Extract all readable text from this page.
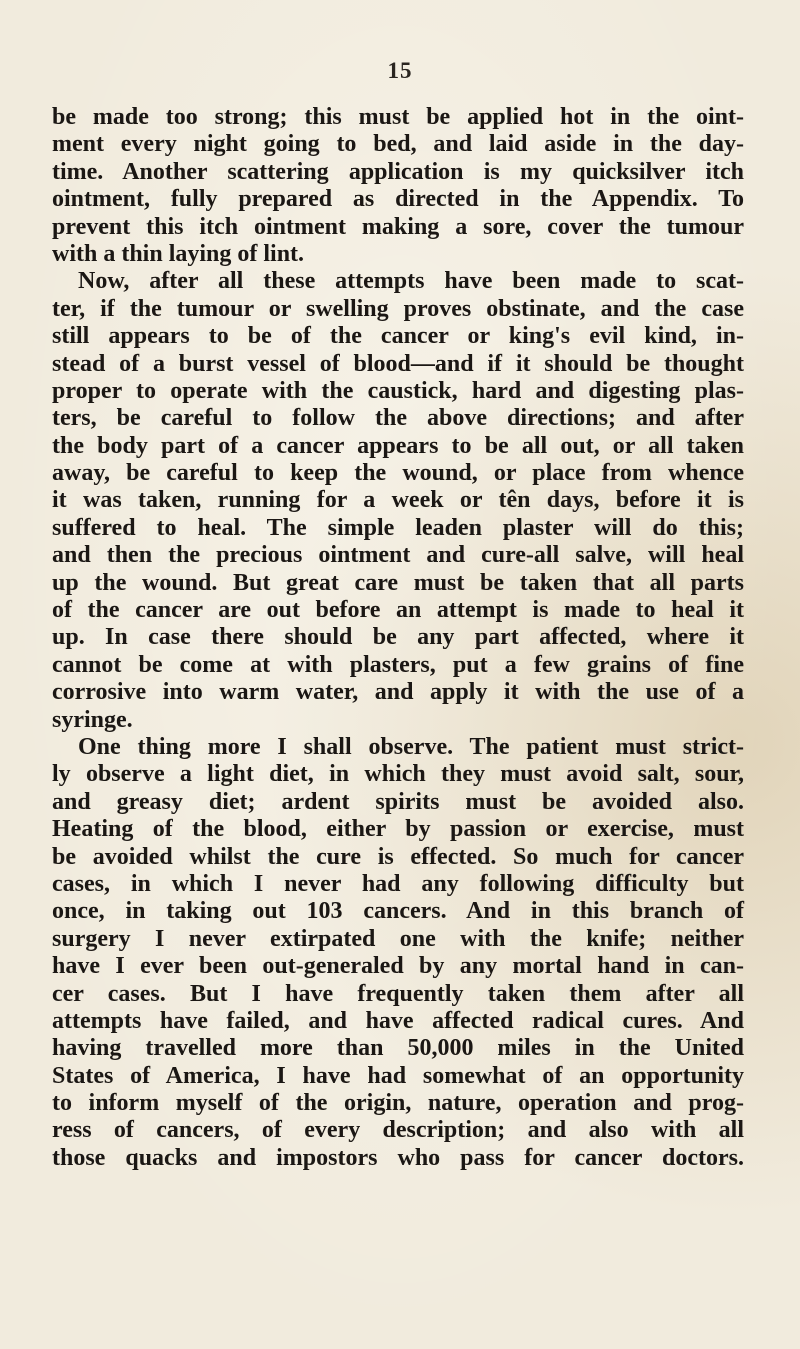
15
be made too strong; this must be applied hot in the oint-
ment every night going to bed, and laid aside in the day-
time. Another scattering application is my quicksilver itch
ointment, fully prepared as directed in the Appendix. To
prevent this itch ointment making a sore, cover the tumour
with a thin laying of lint.
Now, after all these attempts have been made to scat-
ter, if the tumour or swelling proves obstinate, and the case
still appears to be of the cancer or king's evil kind, in-
stead of a burst vessel of blood—and if it should be thought
proper to operate with the caustick, hard and digesting plas-
ters, be careful to follow the above directions; and after
the body part of a cancer appears to be all out, or all taken
away, be careful to keep the wound, or place from whence
it was taken, running for a week or tên days, before it is
suffered to heal. The simple leaden plaster will do this;
and then the precious ointment and cure-all salve, will heal
up the wound. But great care must be taken that all parts
of the cancer are out before an attempt is made to heal it
up. In case there should be any part affected, where it
cannot be come at with plasters, put a few grains of fine
corrosive into warm water, and apply it with the use of a
syringe.
One thing more I shall observe. The patient must strict-
ly observe a light diet, in which they must avoid salt, sour,
and greasy diet; ardent spirits must be avoided also.
Heating of the blood, either by passion or exercise, must
be avoided whilst the cure is effected. So much for cancer
cases, in which I never had any following difficulty but
once, in taking out 103 cancers. And in this branch of
surgery I never extirpated one with the knife; neither
have I ever been out-generaled by any mortal hand in can-
cer cases. But I have frequently taken them after all
attempts have failed, and have affected radical cures. And
having travelled more than 50,000 miles in the United
States of America, I have had somewhat of an opportunity
to inform myself of the origin, nature, operation and prog-
ress of cancers, of every description; and also with all
those quacks and impostors who pass for cancer doctors.
